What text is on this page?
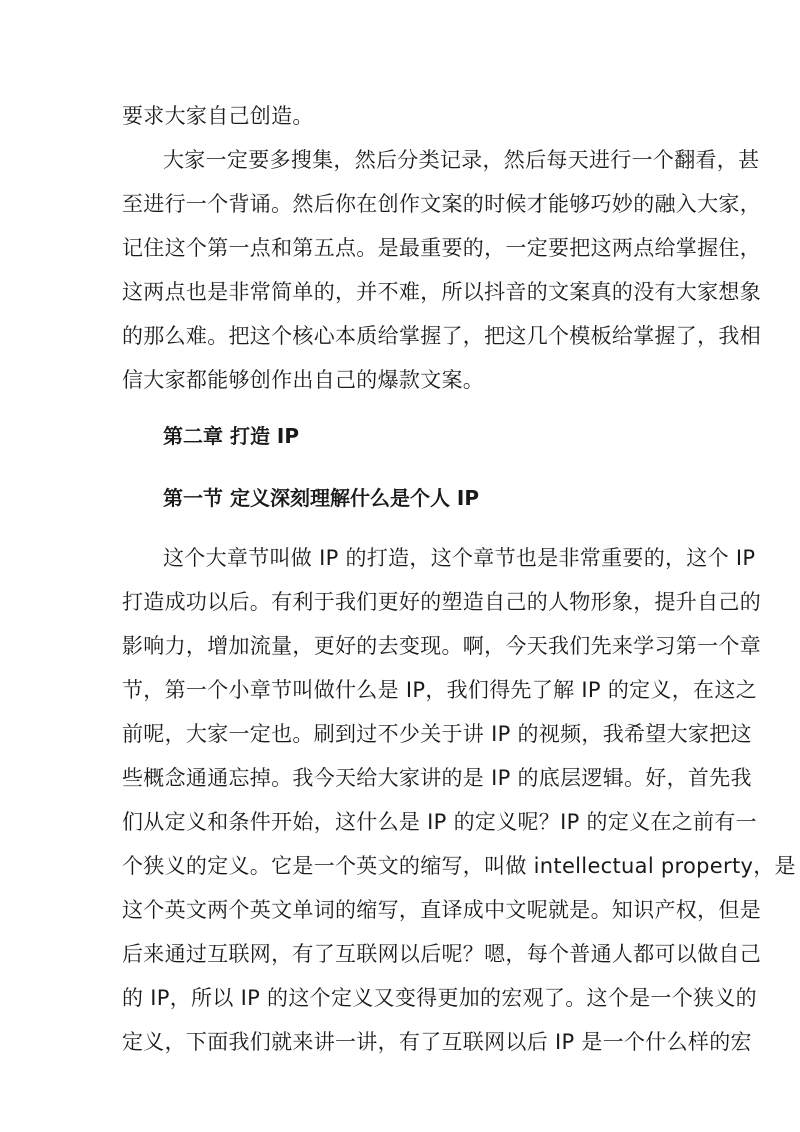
要求大家自己创造。
大家一定要多搜集，然后分类记录，然后每天进行一个翻看，甚
至进行一个背诵。然后你在创作文案的时候才能够巧妙的融入大家，
记住这个第一点和第五点。是最重要的，一定要把这两点给掌握住，
这两点也是非常简单的，并不难，所以抖音的文案真的没有大家想象
的那么难。把这个核心本质给掌握了，把这几个模板给掌握了，我相
信大家都能够创作出自己的爆款文案。
第二章 打造 IP
第一节 定义深刻理解什么是个人 IP
这个大章节叫做 IP 的打造，这个章节也是非常重要的，这个 IP
打造成功以后。有利于我们更好的塑造自己的人物形象，提升自己的
影响力，增加流量，更好的去变现。啊，今天我们先来学习第一个章
节，第一个小章节叫做什么是 IP，我们得先了解 IP 的定义，在这之
前呢，大家一定也。刷到过不少关于讲 IP 的视频，我希望大家把这
些概念通通忘掉。我今天给大家讲的是 IP 的底层逻辑。好，首先我
们从定义和条件开始，这什么是 IP 的定义呢？IP 的定义在之前有一
个狭义的定义。它是一个英文的缩写，叫做 intellectual property，是
这个英文两个英文单词的缩写，直译成中文呢就是。知识产权，但是
后来通过互联网，有了互联网以后呢？嗯，每个普通人都可以做自己
的 IP，所以 IP 的这个定义又变得更加的宏观了。这个是一个狭义的
定义，下面我们就来讲一讲，有了互联网以后 IP 是一个什么样的宏
